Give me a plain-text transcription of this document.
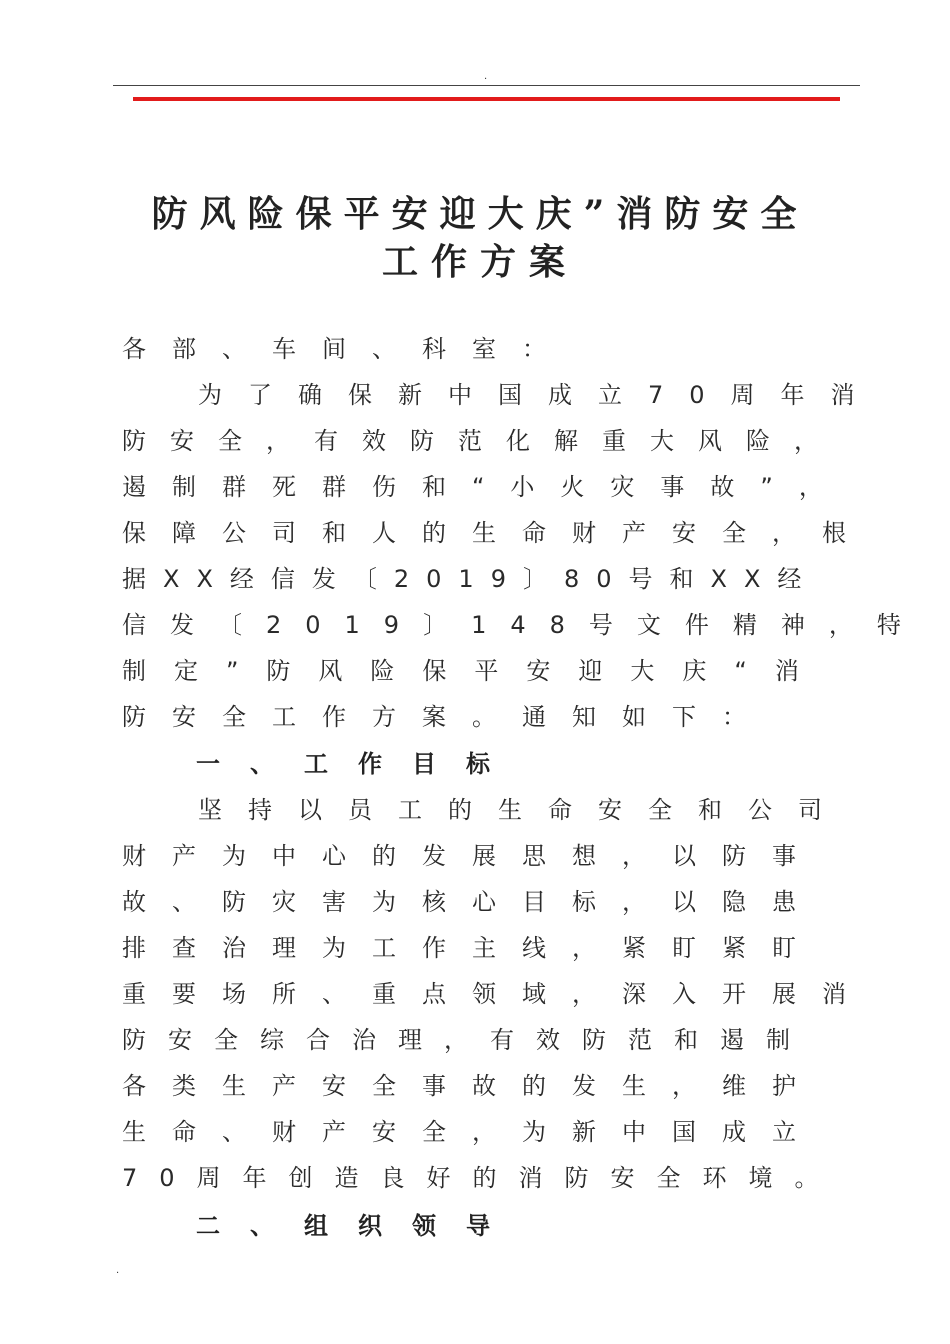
.
防风险保平安迎大庆”消防安全
工作方案
各部、车间、科室：
为了确保新中国成立70周年消
防安全，有效防范化解重大风险，
遏制群死群伤和“小火灾事故”，
保障公司和人的生命财产安全，根
据XX经信发〔2019〕80号和XX经
信发〔2019〕148号文件精神，特
制定”防风险保平安迎大庆“消
防安全工作方案。通知如下：
一、工作目标
坚持以员工的生命安全和公司
财产为中心的发展思想，以防事
故、防灾害为核心目标，以隐患
排查治理为工作主线，紧盯紧盯
重要场所、重点领域，深入开展消
防安全综合治理，有效防范和遏制
各类生产安全事故的发生，维护
生命、财产安全，为新中国成立
70周年创造良好的消防安全环境。
二、组织领导
.
